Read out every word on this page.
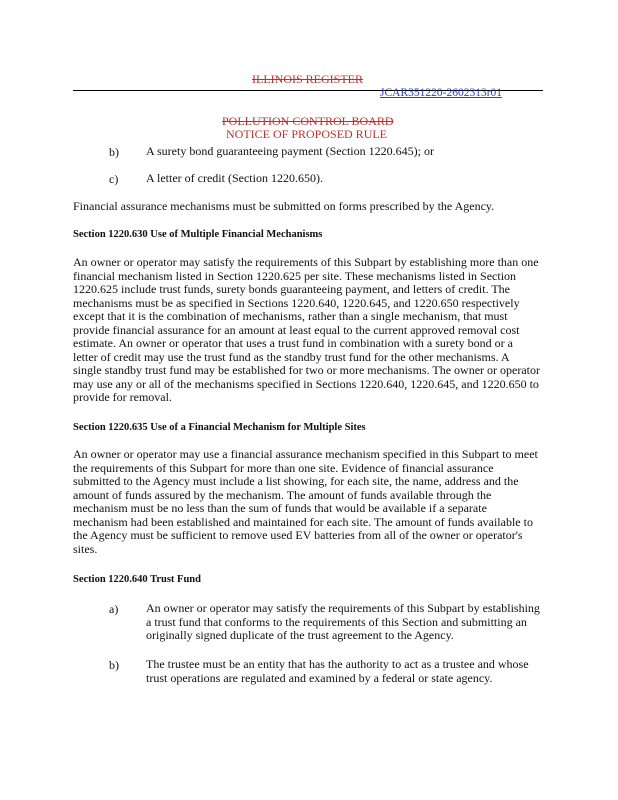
ILLINOIS REGISTER
JCAR351220-2602313r01
POLLUTION CONTROL BOARD
NOTICE OF PROPOSED RULE
b) A surety bond guaranteeing payment (Section 1220.645); or
c) A letter of credit (Section 1220.650).
Financial assurance mechanisms must be submitted on forms prescribed by the Agency.
Section 1220.630 Use of Multiple Financial Mechanisms
An owner or operator may satisfy the requirements of this Subpart by establishing more than one
financial mechanism listed in Section 1220.625 per site. These mechanisms listed in Section
1220.625 include trust funds, surety bonds guaranteeing payment, and letters of credit. The
mechanisms must be as specified in Sections 1220.640, 1220.645, and 1220.650 respectively
except that it is the combination of mechanisms, rather than a single mechanism, that must
provide financial assurance for an amount at least equal to the current approved removal cost
estimate. An owner or operator that uses a trust fund in combination with a surety bond or a
letter of credit may use the trust fund as the standby trust fund for the other mechanisms. A
single standby trust fund may be established for two or more mechanisms. The owner or operator
may use any or all of the mechanisms specified in Sections 1220.640, 1220.645, and 1220.650 to
provide for removal.
Section 1220.635 Use of a Financial Mechanism for Multiple Sites
An owner or operator may use a financial assurance mechanism specified in this Subpart to meet
the requirements of this Subpart for more than one site. Evidence of financial assurance
submitted to the Agency must include a list showing, for each site, the name, address and the
amount of funds assured by the mechanism. The amount of funds available through the
mechanism must be no less than the sum of funds that would be available if a separate
mechanism had been established and maintained for each site. The amount of funds available to
the Agency must be sufficient to remove used EV batteries from all of the owner or operator's
sites.
Section 1220.640 Trust Fund
a) An owner or operator may satisfy the requirements of this Subpart by establishing
a trust fund that conforms to the requirements of this Section and submitting an
originally signed duplicate of the trust agreement to the Agency.
b) The trustee must be an entity that has the authority to act as a trustee and whose
trust operations are regulated and examined by a federal or state agency.
